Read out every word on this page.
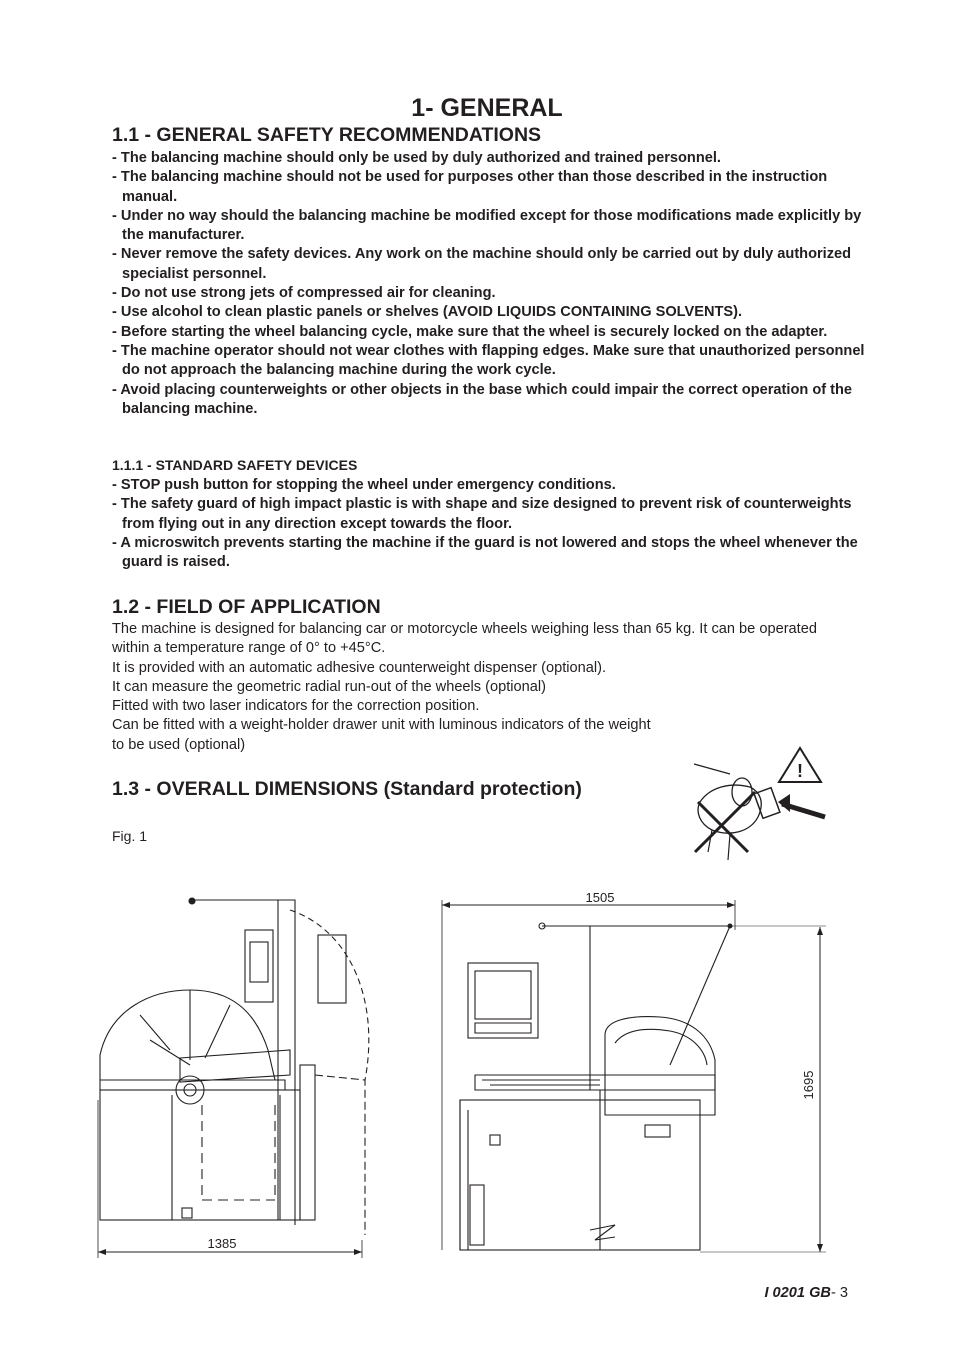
1- GENERAL
1.1 - GENERAL SAFETY RECOMMENDATIONS
- The balancing machine should only be used by duly authorized and trained personnel.
- The balancing machine should not be used for purposes other than those described in the instruction manual.
- Under no way should the balancing machine be modified except for those modifications made explicitly by the manufacturer.
- Never remove the safety devices. Any work on the machine should only be carried out by duly authorized specialist personnel.
- Do not use strong jets of compressed air for cleaning.
- Use alcohol to clean plastic panels or shelves (AVOID LIQUIDS CONTAINING SOLVENTS).
- Before starting the wheel balancing cycle, make sure that the wheel is securely locked on the adapter.
- The machine operator should not wear clothes with flapping edges. Make sure that unauthorized personnel do not approach the balancing machine during the work cycle.
- Avoid placing counterweights or other objects in the base which could impair the correct operation of the balancing machine.
1.1.1 - STANDARD SAFETY DEVICES
- STOP push button for stopping the wheel under emergency conditions.
- The safety guard of high impact plastic is with shape and size designed to prevent risk of counterweights from flying out in any direction except towards the floor.
- A microswitch prevents starting the machine if the guard is not lowered and stops the wheel whenever the guard is raised.
1.2 - FIELD OF APPLICATION

The machine is designed for balancing car or motorcycle wheels weighing less than 65 kg. It can be operated within a temperature range of 0° to +45°C.

It is provided with an automatic adhesive counterweight dispenser (optional).

It can measure the geometric radial run-out of the wheels (optional)

Fitted with two laser indicators for the correction position.

Can be fitted with a weight-holder drawer unit with luminous indicators of the weight

to be used (optional)

1.3 - OVERALL DIMENSIONS (Standard protection)
Fig. 1
!
1385
1505
1695
I 0201 GB- 3
